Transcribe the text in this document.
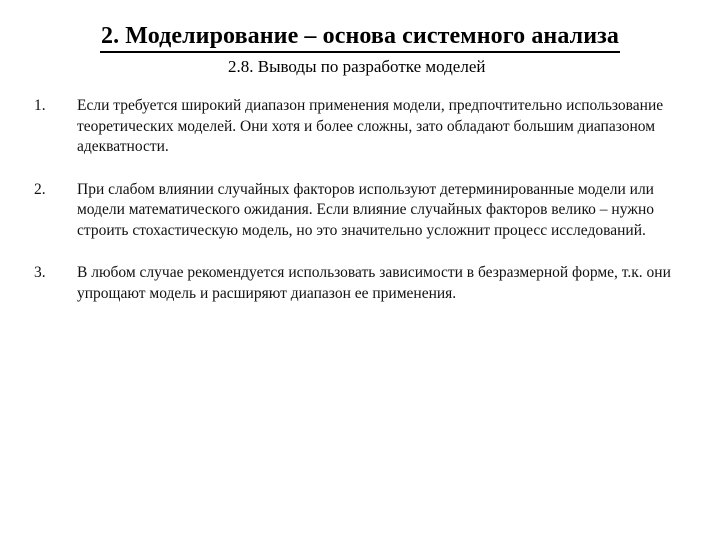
2. Моделирование – основа системного анализа
2.8. Выводы по разработке моделей
1. Если требуется широкий диапазон применения модели, предпочтительно использование теоретических моделей. Они хотя и более сложны, зато обладают большим диапазоном адекватности.
2. При слабом влиянии случайных факторов используют детерминированные модели или модели математического ожидания. Если влияние случайных факторов велико – нужно строить стохастическую модель, но это значительно усложнит процесс исследований.
3. В любом случае рекомендуется использовать зависимости в безразмерной форме, т.к. они упрощают модель и расширяют диапазон ее применения.
